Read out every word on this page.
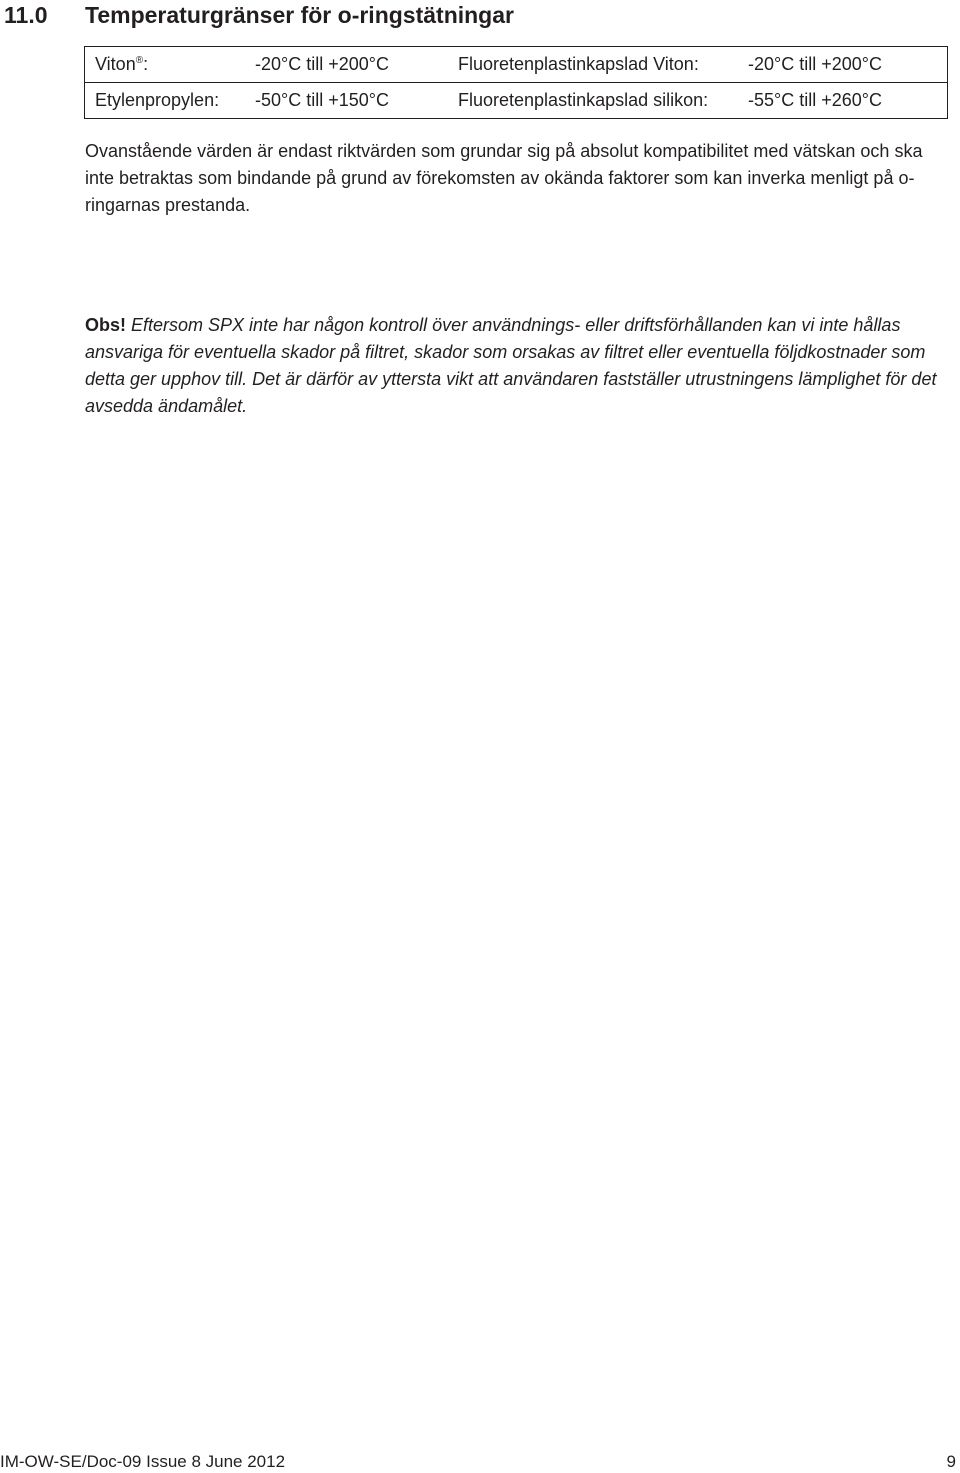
11.0	Temperaturgränser för o-ringstätningar
Viton®:	-20°C till +200°C	Fluoretenplastinkapslad Viton:	-20°C till +200°C
Etylenpropylen:	-50°C till +150°C	Fluoretenplastinkapslad silikon:	-55°C till +260°C

Ovanstående värden är endast riktvärden som grundar sig på absolut kompatibilitet med vätskan och ska inte betraktas som bindande på grund av förekomsten av okända faktorer som kan inverka menligt på o-ringarnas prestanda.

Obs! Eftersom SPX inte har någon kontroll över användnings- eller driftsförhållanden kan vi inte hållas ansvariga för eventuella skador på filtret, skador som orsakas av filtret eller eventuella följdkostnader som detta ger upphov till. Det är därför av yttersta vikt att användaren fastställer utrustningens lämplighet för det avsedda ändamålet.

IM-OW-SE/Doc-09 Issue 8 June 2012	9
